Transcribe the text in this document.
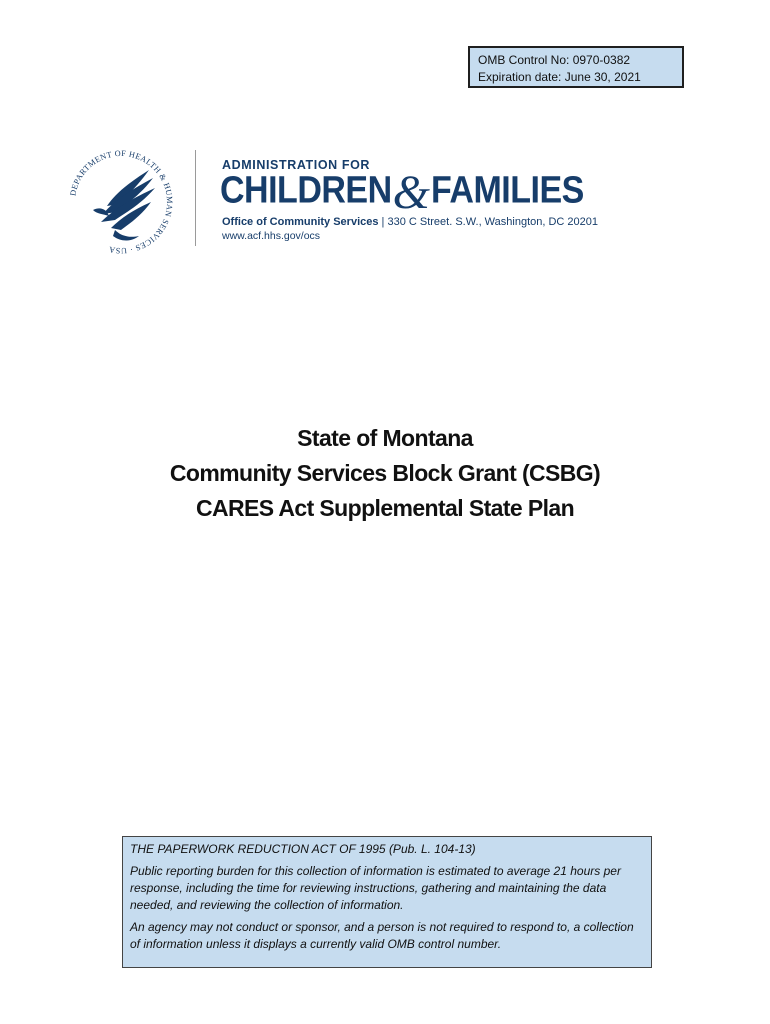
OMB Control No: 0970-0382
Expiration date: June 30, 2021
DEPARTMENT OF HEALTH & HUMAN SERVICES · USA
ADMINISTRATION FOR
CHILDREN&FAMILIES
Office of Community Services | 330 C Street. S.W., Washington, DC 20201
www.acf.hhs.gov/ocs
State of Montana
Community Services Block Grant (CSBG)
CARES Act Supplemental State Plan

THE PAPERWORK REDUCTION ACT OF 1995 (Pub. L. 104-13)

Public reporting burden for this collection of information is estimated to average 21 hours per response, including the time for reviewing instructions, gathering and maintaining the data needed, and reviewing the collection of information.

An agency may not conduct or sponsor, and a person is not required to respond to, a collection of information unless it displays a currently valid OMB control number.
